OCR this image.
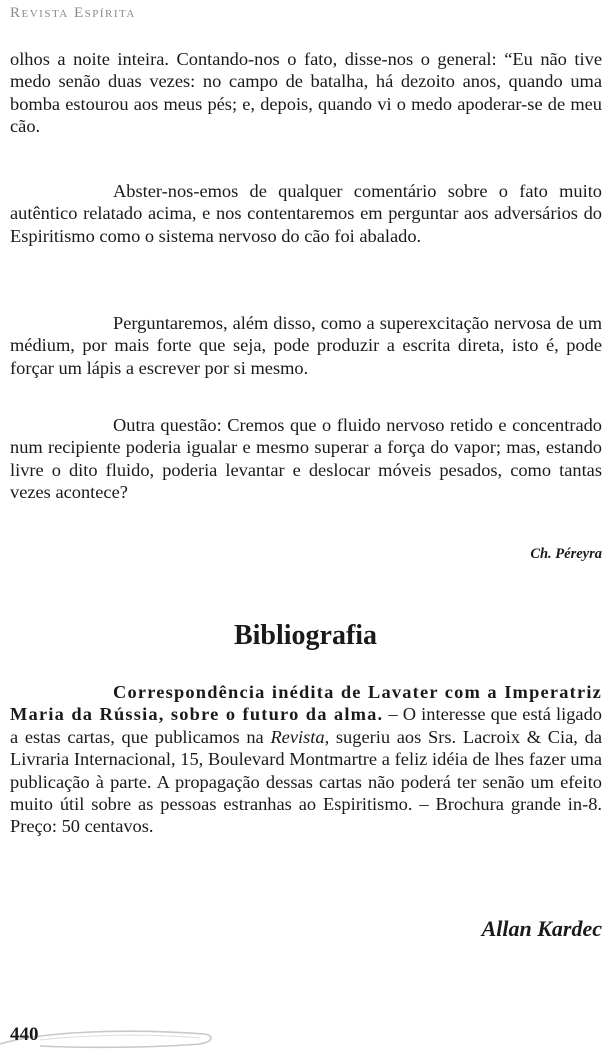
Revista Espírita

olhos a noite inteira. Contando-nos o fato, disse-nos o general: “Eu não tive medo senão duas vezes: no campo de batalha, há dezoito anos, quando uma bomba estourou aos meus pés; e, depois, quando vi o medo apoderar-se de meu cão.

Abster-nos-emos de qualquer comentário sobre o fato muito autêntico relatado acima, e nos contentaremos em perguntar aos adversários do Espiritismo como o sistema nervoso do cão foi abalado.

Perguntaremos, além disso, como a superexcitação nervosa de um médium, por mais forte que seja, pode produzir a escrita direta, isto é, pode forçar um lápis a escrever por si mesmo.

Outra questão: Cremos que o fluido nervoso retido e concentrado num recipiente poderia igualar e mesmo superar a força do vapor; mas, estando livre o dito fluido, poderia levantar e deslocar móveis pesados, como tantas vezes acontece?

Ch. Péreyra
Bibliografia

Correspondência inédita de Lavater com a Imperatriz Maria da Rússia, sobre o futuro da alma. – O interesse que está ligado a estas cartas, que publicamos na Revista, sugeriu aos Srs. Lacroix & Cia, da Livraria Internacional, 15, Boulevard Montmartre a feliz idéia de lhes fazer uma publicação à parte. A propagação dessas cartas não poderá ter senão um efeito muito útil sobre as pessoas estranhas ao Espiritismo. – Brochura grande in-8. Preço: 50 centavos.

Allan Kardec
440
